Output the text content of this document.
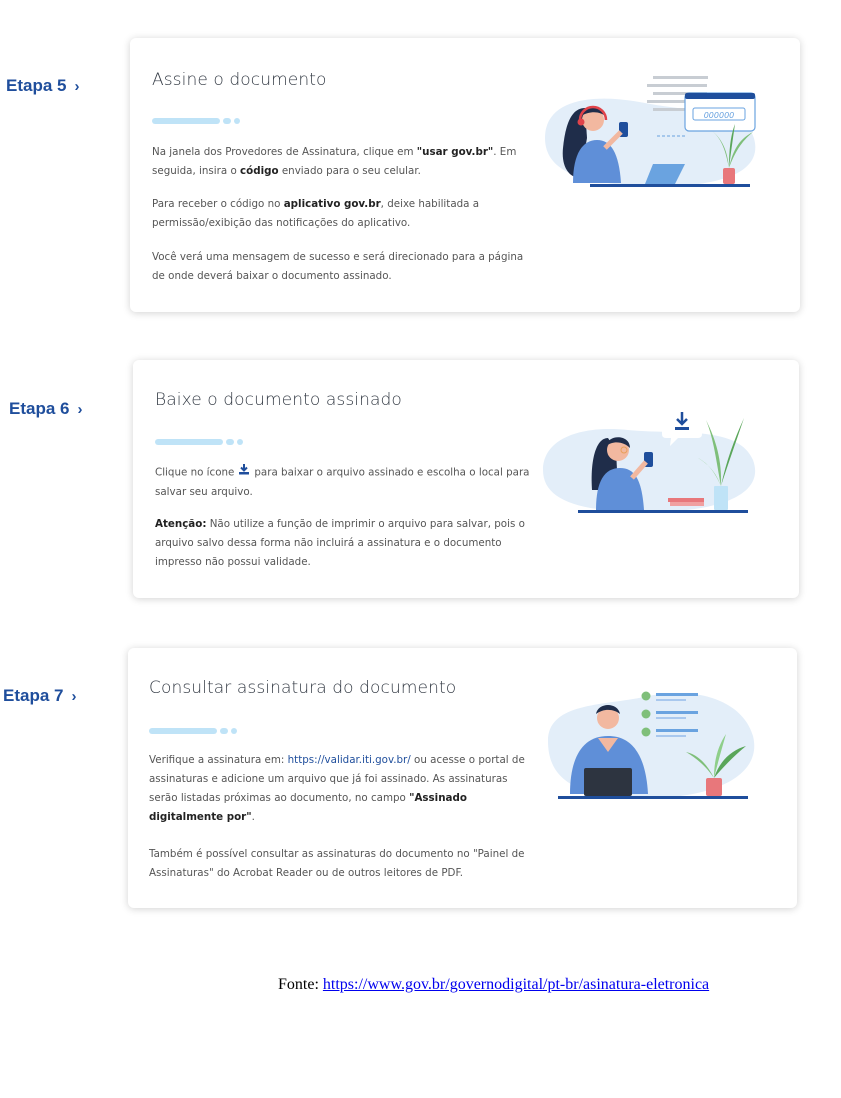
Etapa 5 ›	Assine o documento
Na janela dos Provedores de Assinatura, clique em "usar gov.br". Em seguida, insira o código enviado para o seu celular.
Para receber o código no aplicativo gov.br, deixe habilitada a permissão/exibição das notificações do aplicativo.
Você verá uma mensagem de sucesso e será direcionado para a página de onde deverá baixar o documento assinado.
000000
Etapa 6 ›	Baixe o documento assinado
Clique no ícone para baixar o arquivo assinado e escolha o local para salvar seu arquivo.
Atenção: Não utilize a função de imprimir o arquivo para salvar, pois o arquivo salvo dessa forma não incluirá a assinatura e o documento impresso não possui validade.
Etapa 7 ›	Consultar assinatura do documento
Verifique a assinatura em: https://validar.iti.gov.br/ ou acesse o portal de assinaturas e adicione um arquivo que já foi assinado. As assinaturas serão listadas próximas ao documento, no campo "Assinado digitalmente por".
Também é possível consultar as assinaturas do documento no "Painel de Assinaturas" do Acrobat Reader ou de outros leitores de PDF.
Fonte: https://www.gov.br/governodigital/pt-br/asinatura-eletronica
